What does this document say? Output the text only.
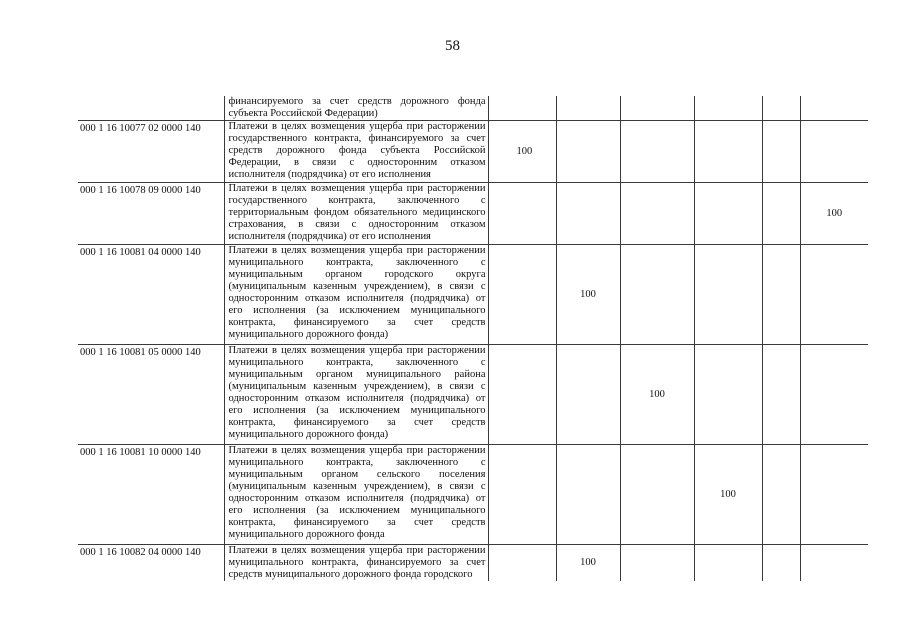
58
	финансируемого за счет средств дорожного фонда субъекта Российской Федерации)	

000 1 16 10077 02 0000 140	Платежи в целях возмещения ущерба при расторжении государственного контракта, финансируемого за счет средств дорожного фонда субъекта Российской Федерации, в связи с односторонним отказом исполнителя (подрядчика) от его исполнения	100					

000 1 16 10078 09 0000 140	Платежи в целях возмещения ущерба при расторжении государственного контракта, заключенного с территориальным фондом обязательного медицинского страхования, в связи с односторонним отказом исполнителя (подрядчика) от его исполнения						100

000 1 16 10081 04 0000 140	Платежи в целях возмещения ущерба при расторжении муниципального контракта, заключенного с муниципальным органом городского округа (муниципальным казенным учреждением), в связи с односторонним отказом исполнителя (подрядчика) от его исполнения (за исключением муниципального контракта, финансируемого за счет средств муниципального дорожного фонда)		100				

000 1 16 10081 05 0000 140	Платежи в целях возмещения ущерба при расторжении муниципального контракта, заключенного с муниципальным органом муниципального района (муниципальным казенным учреждением), в связи с односторонним отказом исполнителя (подрядчика) от его исполнения (за исключением муниципального контракта, финансируемого за счет средств муниципального дорожного фонда)			100			

000 1 16 10081 10 0000 140	Платежи в целях возмещения ущерба при расторжении муниципального контракта, заключенного с муниципальным органом сельского поселения (муниципальным казенным учреждением), в связи с односторонним отказом исполнителя (подрядчика) от его исполнения (за исключением муниципального контракта, финансируемого за счет средств муниципального дорожного фонда				100		

000 1 16 10082 04 0000 140	Платежи в целях возмещения ущерба при расторжении муниципального контракта, финансируемого за счет средств муниципального дорожного фонда городского		100				
